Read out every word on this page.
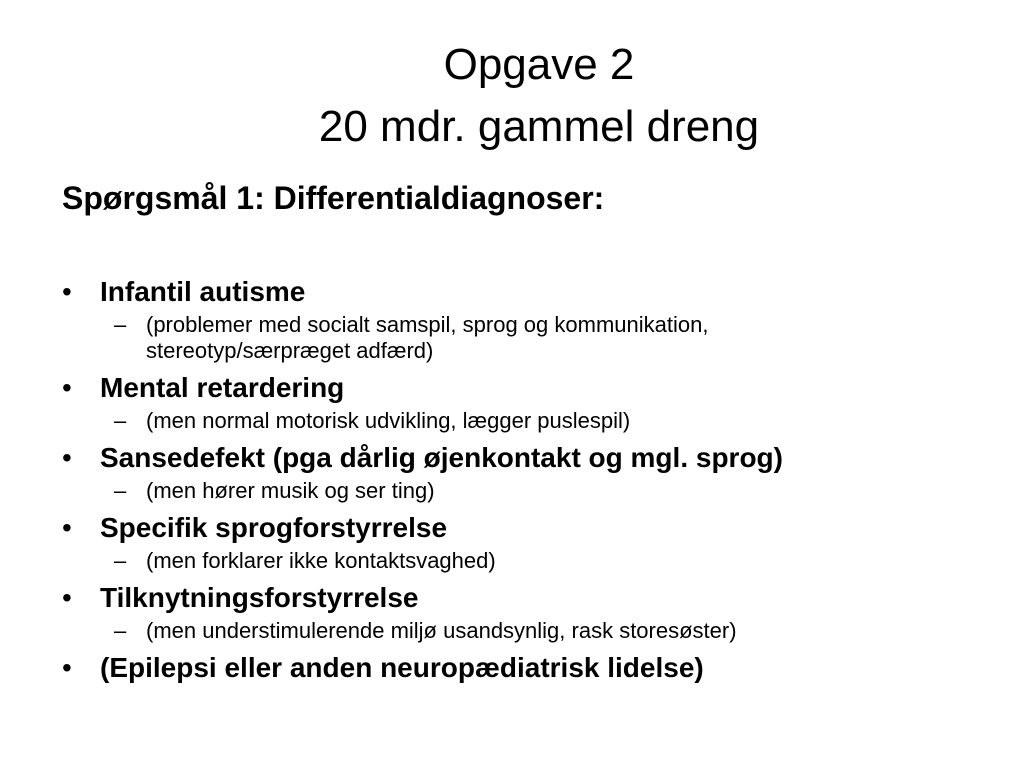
Opgave 2
20 mdr. gammel dreng
Spørgsmål 1: Differentialdiagnoser:
• Infantil autisme
– (problemer med socialt samspil, sprog og kommunikation, stereotyp/særpræget adfærd)
• Mental retardering
– (men normal motorisk udvikling, lægger puslespil)
• Sansedefekt (pga dårlig øjenkontakt og mgl. sprog)
– (men hører musik og ser ting)
• Specifik sprogforstyrrelse
– (men forklarer ikke kontaktsvaghed)
• Tilknytningsforstyrrelse
– (men understimulerende miljø usandsynlig, rask storesøster)
• (Epilepsi eller anden neuropædiatrisk lidelse)
